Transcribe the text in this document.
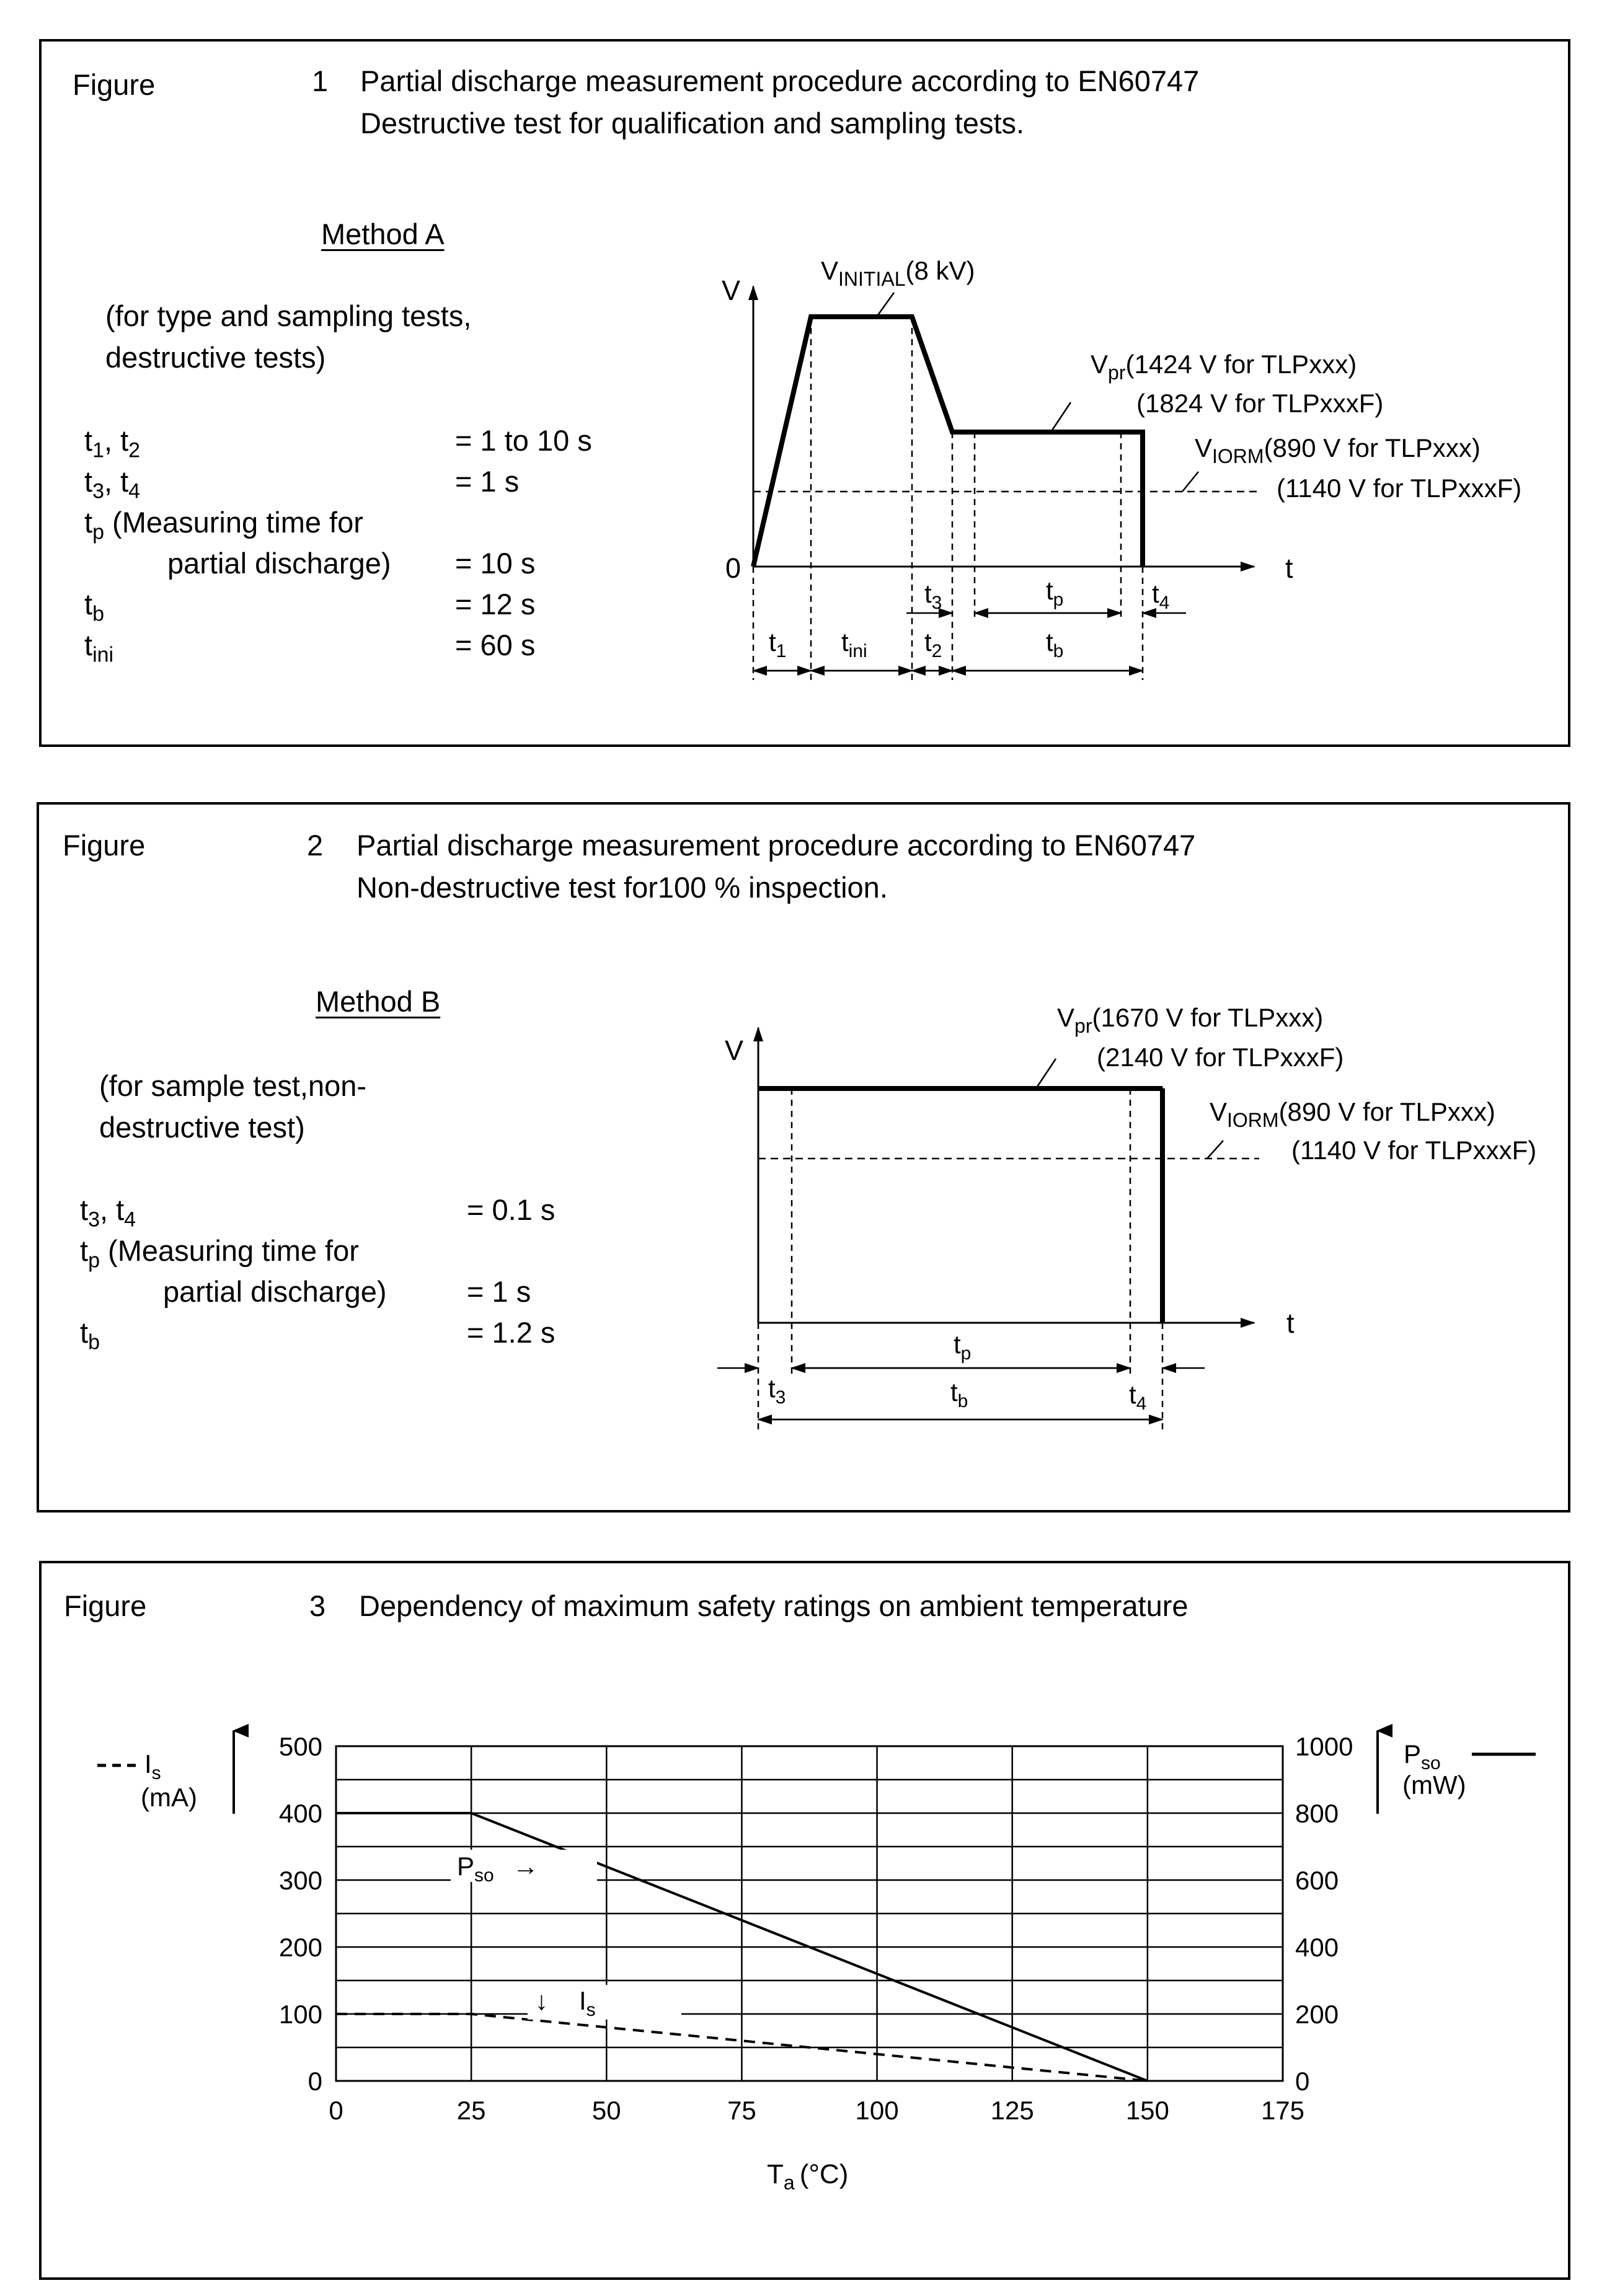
Figure	1 Partial discharge measurement procedure according to EN60747
Destructive test for qualification and sampling tests.
Method A
(for type and sampling tests,
destructive tests)
$t_1$, $t_2$	= 1 to 10 s
$t_3$, $t_4$	= 1 s
$t_p$ (Measuring time for
partial discharge) = 10 s
$t_b$	= 12 s
$t_{ini}$	= 60 s
V
t
0
$V_{INITIAL}(8$ kV)
$V_{pr}(1424$ V for TLPxxx)
(1824 V for TLPxxxF)
$V_{IORM}(890$ V for TLPxxx)
(1140 V for TLPxxxF)
$t_3$	$t_p$	$t_4$
$t_1$ $t_{ini}$ $t_2$	$t_b$
Figure	2 Partial discharge measurement procedure according to EN60747
Non-destructive test for100 % inspection.
Method B
(for sample test,non-
destructive test)
$t_3$, $t_4$	= 0.1 s
$t_p$ (Measuring time for
partial discharge)	= 1 s
$t_b$	= 1.2 s
V
t
$V_{pr}(1670$ V for TLPxxx)
(2140 V for TLPxxxF)
$V_{IORM}(890$ V for TLPxxx)
(1140 V for TLPxxxF)
$t_p$
$t_3$	$t_b$	$t_4$
Figure	3 Dependency of maximum safety ratings on ambient temperature
0	25	50	75	100	125	150	175
0
100
200
300
400
500
0
200
400
600
800
1000
$I_s$
(mA)
$P_{so}$
(mW)
$T_a$ (°C)
$P_{so}$ →
↓ $I_s$
